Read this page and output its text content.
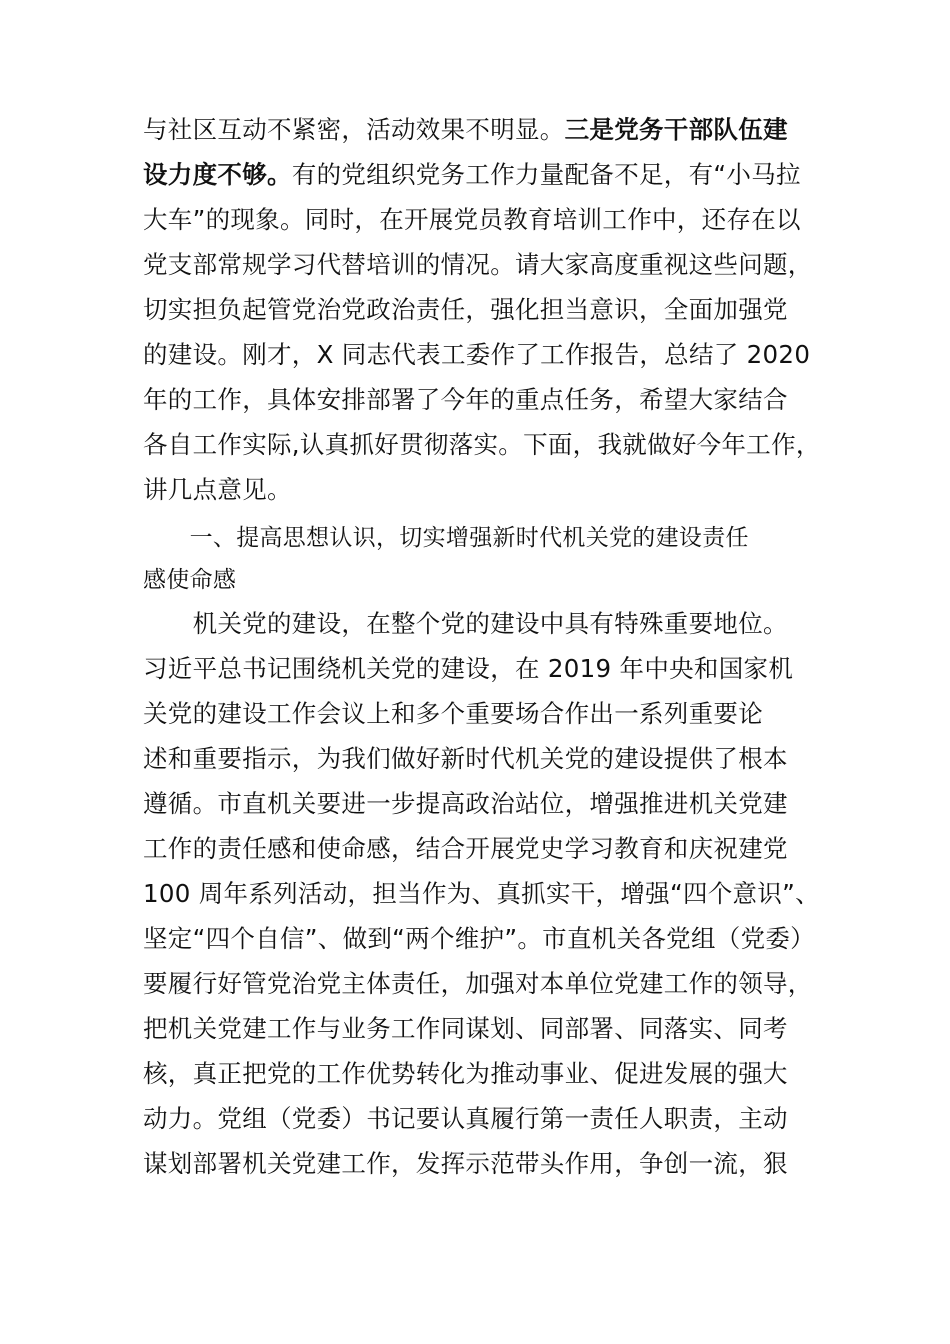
与社区互动不紧密，活动效果不明显。三是党务干部队伍建
设力度不够。有的党组织党务工作力量配备不足，有“小马拉
大车”的现象。同时，在开展党员教育培训工作中，还存在以
党支部常规学习代替培训的情况。请大家高度重视这些问题，
切实担负起管党治党政治责任，强化担当意识，全面加强党
的建设。刚才，X 同志代表工委作了工作报告，总结了 2020
年的工作，具体安排部署了今年的重点任务，希望大家结合
各自工作实际,认真抓好贯彻落实。下面，我就做好今年工作，
讲几点意见。
　　一、提高思想认识，切实增强新时代机关党的建设责任
感使命感
　　机关党的建设，在整个党的建设中具有特殊重要地位。
习近平总书记围绕机关党的建设，在 2019 年中央和国家机
关党的建设工作会议上和多个重要场合作出一系列重要论
述和重要指示，为我们做好新时代机关党的建设提供了根本
遵循。市直机关要进一步提高政治站位，增强推进机关党建
工作的责任感和使命感，结合开展党史学习教育和庆祝建党
100 周年系列活动，担当作为、真抓实干，增强“四个意识”、
坚定“四个自信”、做到“两个维护”。市直机关各党组（党委）
要履行好管党治党主体责任，加强对本单位党建工作的领导，
把机关党建工作与业务工作同谋划、同部署、同落实、同考
核，真正把党的工作优势转化为推动事业、促进发展的强大
动力。党组（党委）书记要认真履行第一责任人职责，主动
谋划部署机关党建工作，发挥示范带头作用，争创一流，狠
